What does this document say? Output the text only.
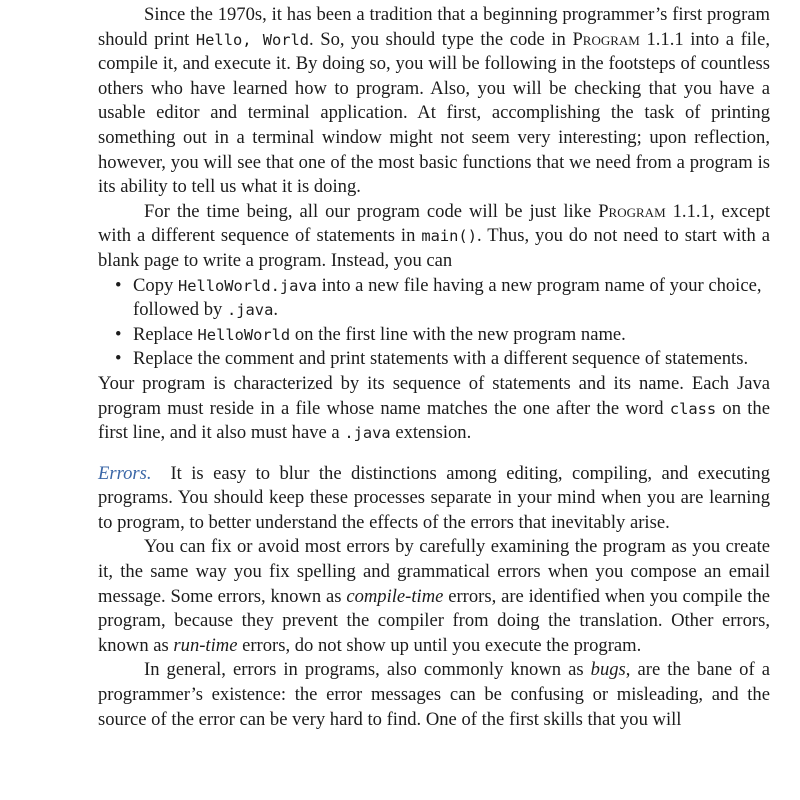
Since the 1970s, it has been a tradition that a beginning programmer’s first program should print Hello, World. So, you should type the code in Program 1.1.1 into a file, compile it, and execute it. By doing so, you will be following in the footsteps of countless others who have learned how to program. Also, you will be checking that you have a usable editor and terminal application. At first, accomplishing the task of printing something out in a terminal window might not seem very interesting; upon reflection, however, you will see that one of the most basic functions that we need from a program is its ability to tell us what it is doing.

For the time being, all our program code will be just like Program 1.1.1, except with a different sequence of statements in main(). Thus, you do not need to start with a blank page to write a program. Instead, you can

• Copy HelloWorld.java into a new file having a new program name of your choice, followed by .java.
• Replace HelloWorld on the first line with the new program name.
• Replace the comment and print statements with a different sequence of statements.

Your program is characterized by its sequence of statements and its name. Each Java program must reside in a file whose name matches the one after the word class on the first line, and it also must have a .java extension.

Errors. It is easy to blur the distinctions among editing, compiling, and executing programs. You should keep these processes separate in your mind when you are learning to program, to better understand the effects of the errors that inevitably arise.

You can fix or avoid most errors by carefully examining the program as you create it, the same way you fix spelling and grammatical errors when you compose an email message. Some errors, known as compile-time errors, are identified when you compile the program, because they prevent the compiler from doing the translation. Other errors, known as run-time errors, do not show up until you execute the program.

In general, errors in programs, also commonly known as bugs, are the bane of a programmer’s existence: the error messages can be confusing or misleading, and the source of the error can be very hard to find. One of the first skills that you will
